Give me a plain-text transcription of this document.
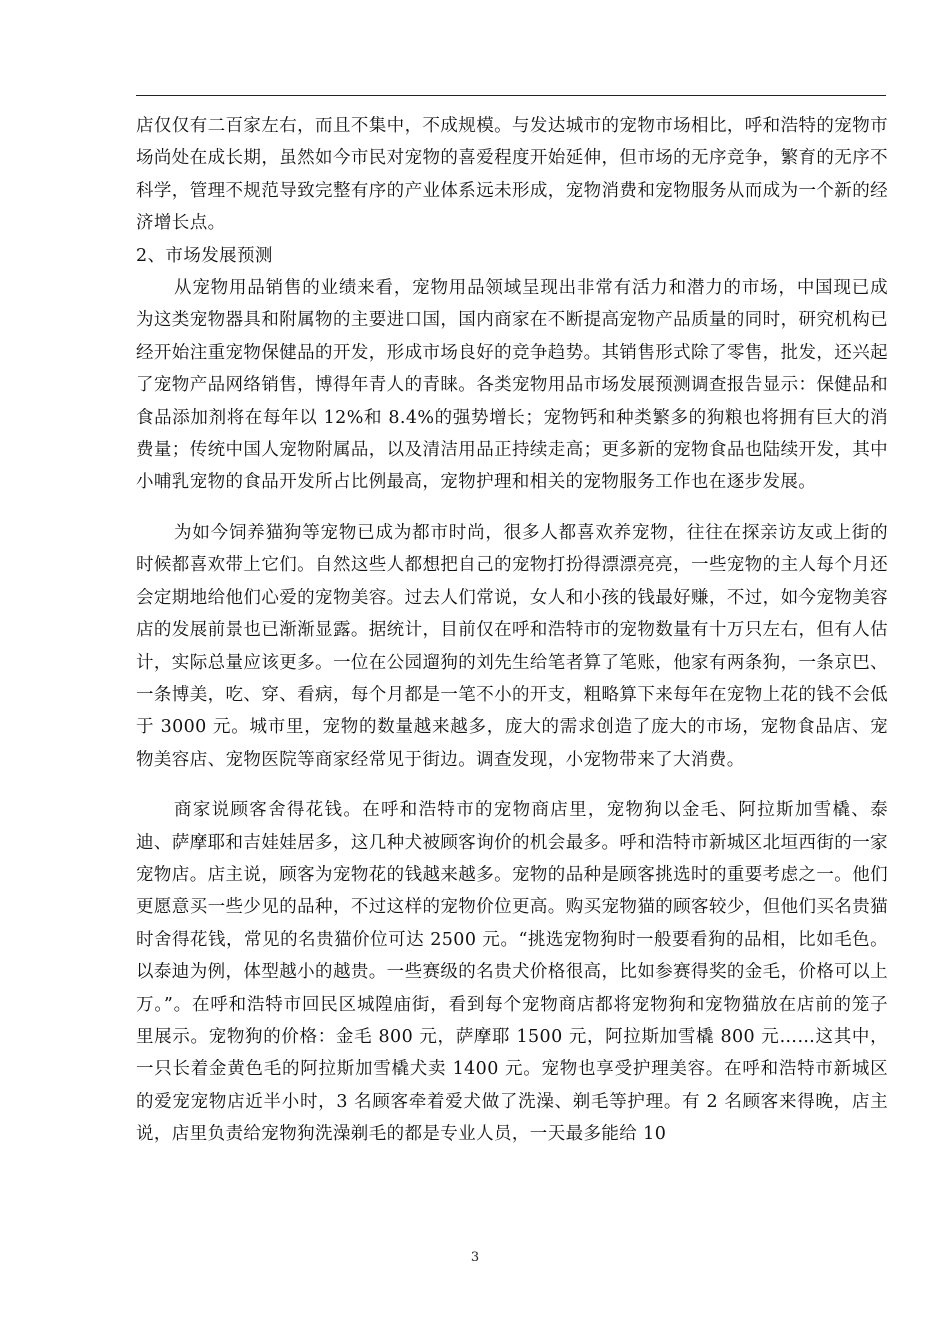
店仅仅有二百家左右，而且不集中，不成规模。与发达城市的宠物市场相比，呼和浩特的宠物市场尚处在成长期，虽然如今市民对宠物的喜爱程度开始延伸，但市场的无序竞争，繁育的无序不科学，管理不规范导致完整有序的产业体系远未形成，宠物消费和宠物服务从而成为一个新的经济增长点。

2、市场发展预测

从宠物用品销售的业绩来看，宠物用品领域呈现出非常有活力和潜力的市场，中国现已成为这类宠物器具和附属物的主要进口国，国内商家在不断提高宠物产品质量的同时，研究机构已经开始注重宠物保健品的开发，形成市场良好的竞争趋势。其销售形式除了零售，批发，还兴起了宠物产品网络销售，博得年青人的青睐。各类宠物用品市场发展预测调查报告显示：保健品和食品添加剂将在每年以 12%和 8.4%的强势增长；宠物钙和种类繁多的狗粮也将拥有巨大的消费量；传统中国人宠物附属品，以及清洁用品正持续走高；更多新的宠物食品也陆续开发，其中小哺乳宠物的食品开发所占比例最高，宠物护理和相关的宠物服务工作也在逐步发展。

为如今饲养猫狗等宠物已成为都市时尚，很多人都喜欢养宠物，往往在探亲访友或上街的时候都喜欢带上它们。自然这些人都想把自己的宠物打扮得漂漂亮亮，一些宠物的主人每个月还会定期地给他们心爱的宠物美容。过去人们常说，女人和小孩的钱最好赚，不过，如今宠物美容店的发展前景也已渐渐显露。据统计，目前仅在呼和浩特市的宠物数量有十万只左右，但有人估计，实际总量应该更多。一位在公园遛狗的刘先生给笔者算了笔账，他家有两条狗，一条京巴、一条博美，吃、穿、看病，每个月都是一笔不小的开支，粗略算下来每年在宠物上花的钱不会低于 3000 元。城市里，宠物的数量越来越多，庞大的需求创造了庞大的市场，宠物食品店、宠物美容店、宠物医院等商家经常见于街边。调查发现，小宠物带来了大消费。

商家说顾客舍得花钱。在呼和浩特市的宠物商店里，宠物狗以金毛、阿拉斯加雪橇、泰迪、萨摩耶和吉娃娃居多，这几种犬被顾客询价的机会最多。呼和浩特市新城区北垣西街的一家宠物店。店主说，顾客为宠物花的钱越来越多。宠物的品种是顾客挑选时的重要考虑之一。他们更愿意买一些少见的品种，不过这样的宠物价位更高。购买宠物猫的顾客较少，但他们买名贵猫时舍得花钱，常见的名贵猫价位可达 2500 元。“挑选宠物狗时一般要看狗的品相，比如毛色。以泰迪为例，体型越小的越贵。一些赛级的名贵犬价格很高，比如参赛得奖的金毛，价格可以上万。”。在呼和浩特市回民区城隍庙街，看到每个宠物商店都将宠物狗和宠物猫放在店前的笼子里展示。宠物狗的价格：金毛 800 元，萨摩耶 1500 元，阿拉斯加雪橇 800 元……这其中，一只长着金黄色毛的阿拉斯加雪橇犬卖 1400 元。宠物也享受护理美容。在呼和浩特市新城区的爱宠宠物店近半小时，3 名顾客牵着爱犬做了洗澡、剃毛等护理。有 2 名顾客来得晚，店主说，店里负责给宠物狗洗澡剃毛的都是专业人员，一天最多能给 10

3
